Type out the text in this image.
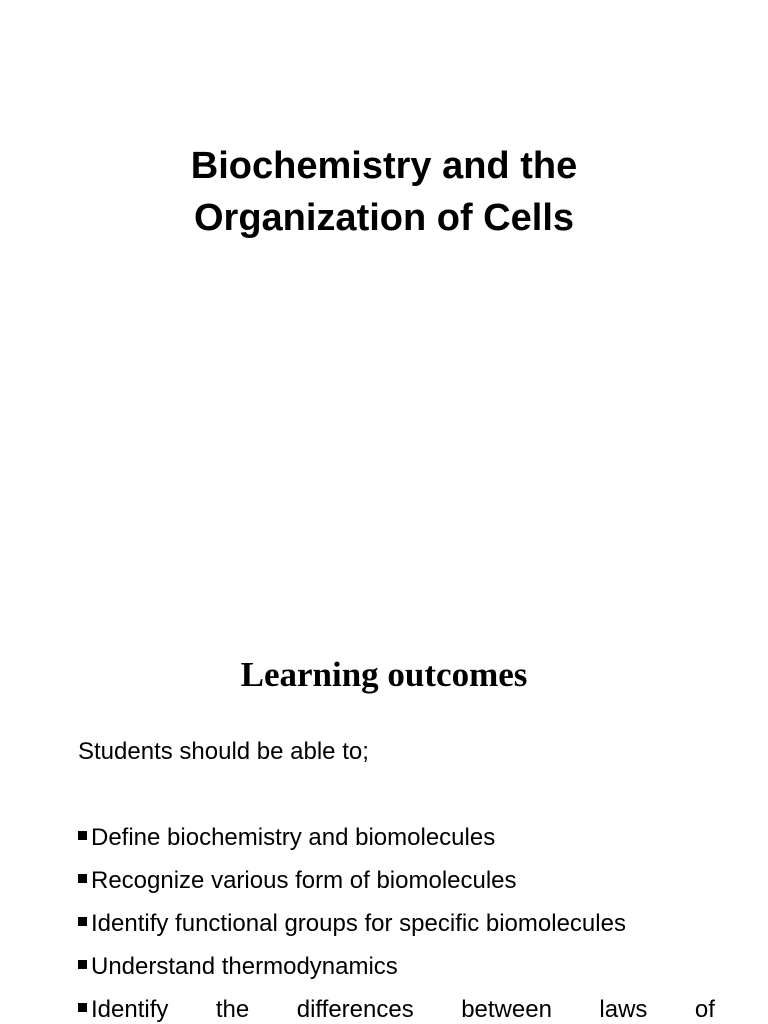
Biochemistry and the
Organization of Cells
Learning outcomes
Students should be able to;
Define biochemistry and biomolecules
Recognize various form of biomolecules
Identify functional groups for specific biomolecules
Understand thermodynamics
Identify the differences between laws of
